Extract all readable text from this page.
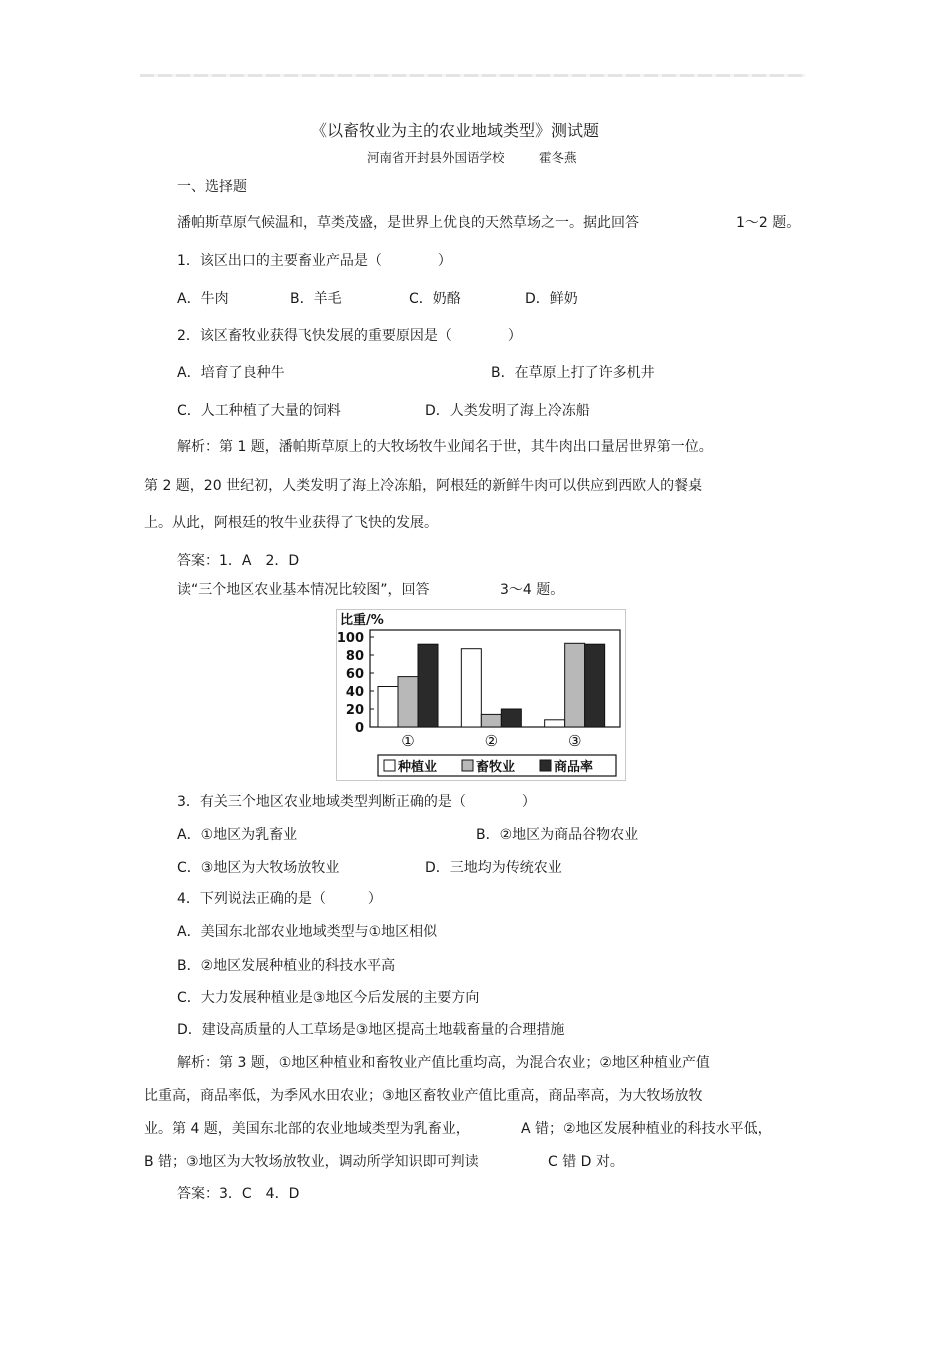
《以畜牧业为主的农业地域类型》测试题
河南省开封县外国语学校	霍冬燕
一、选择题
潘帕斯草原气候温和，草类茂盛，是世界上优良的天然草场之一。据此回答	1～2 题。
1．该区出口的主要畜业产品是（　　　　）
A．牛肉	B．羊毛	C．奶酪	D．鲜奶
2．该区畜牧业获得飞快发展的重要原因是（　　　　）
A．培育了良种牛	B．在草原上打了许多机井
C．人工种植了大量的饲料	D．人类发明了海上冷冻船
解析：第 1 题，潘帕斯草原上的大牧场牧牛业闻名于世，其牛肉出口量居世界第一位。
第 2 题，20 世纪初，人类发明了海上冷冻船，阿根廷的新鲜牛肉可以供应到西欧人的餐桌
上。从此，阿根廷的牧牛业获得了飞快的发展。
答案：1．A　2．D
读“三个地区农业基本情况比较图”，回答	3～4 题。
比重/%
100
80
60
40
20
0
①	②	③
种植业	畜牧业	商品率
3．有关三个地区农业地域类型判断正确的是（　　　　）
A．①地区为乳畜业	B．②地区为商品谷物农业
C．③地区为大牧场放牧业	D．三地均为传统农业
4．下列说法正确的是（　　　）
A．美国东北部农业地域类型与①地区相似
B．②地区发展种植业的科技水平高
C．大力发展种植业是③地区今后发展的主要方向
D．建设高质量的人工草场是③地区提高土地载畜量的合理措施
解析：第 3 题，①地区种植业和畜牧业产值比重均高，为混合农业；②地区种植业产值
比重高，商品率低，为季风水田农业；③地区畜牧业产值比重高，商品率高，为大牧场放牧
业。第 4 题，美国东北部的农业地域类型为乳畜业，	A 错；②地区发展种植业的科技水平低，
B 错；③地区为大牧场放牧业，调动所学知识即可判读	C 错 D 对。
答案：3．C　4．D
